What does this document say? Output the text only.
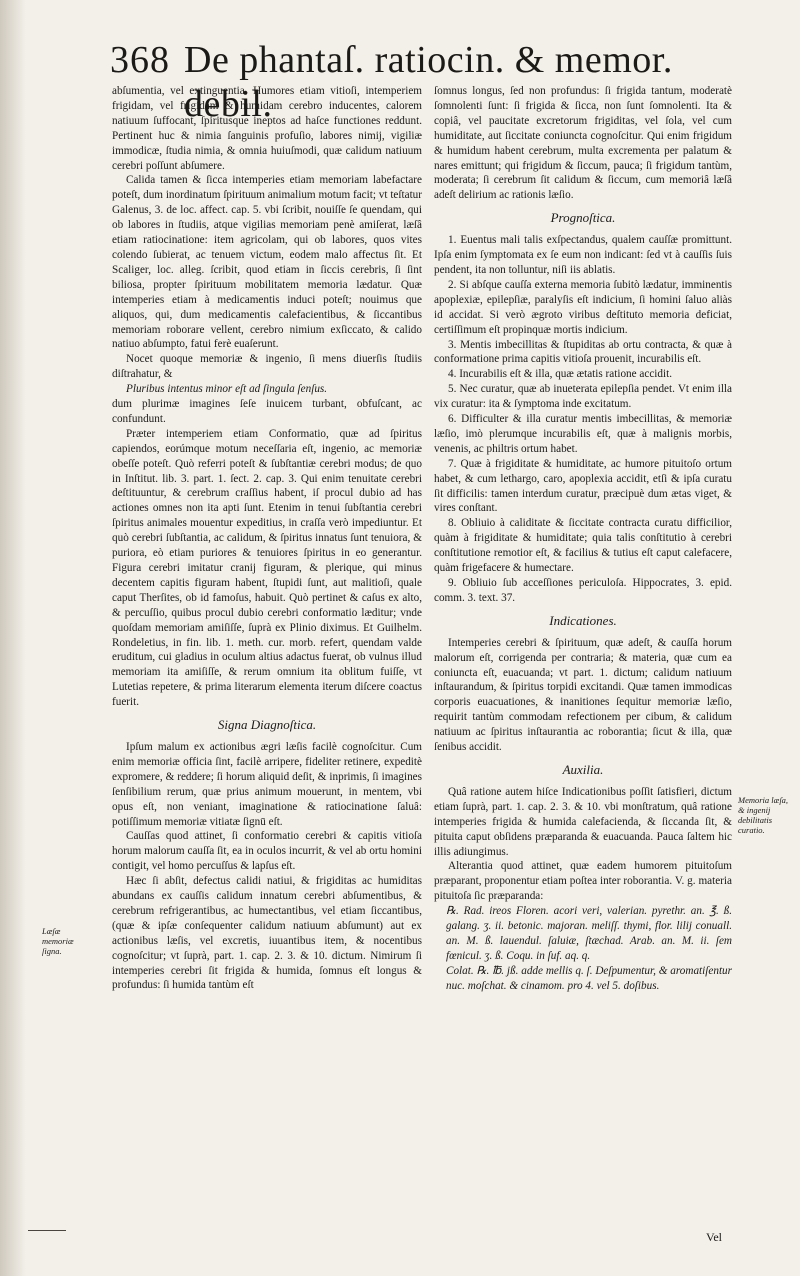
368 De phantaſ. ratiocin. & memor. debil.

abſumentia, vel extinguentia. Humores etiam vitioſi, intemperiem frigidam, vel frigidam & humidam cerebro inducentes, calorem natiuum ſuffocant, ſpiritusque ineptos ad haſce functiones reddunt. Pertinent huc & nimia ſanguinis profuſio, labores nimij, vigiliæ immodicæ, ſtudia nimia, & omnia huiuſmodi, quæ calidum natiuum cerebri poſſunt abſumere.

Calida tamen & ſicca intemperies etiam memoriam labefactare poteſt, dum inordinatum ſpirituum animalium motum facit; vt teſtatur Galenus, 3. de loc. affect. cap. 5. vbi ſcribit, nouiſſe ſe quendam, qui ob labores in ſtudiis, atque vigilias memoriam penè amiſerat, læſâ etiam ratiocinatione: item agricolam, qui ob labores, quos vites colendo ſubierat, ac tenuem victum, eodem malo affectus ſit. Et Scaliger, loc. alleg. ſcribit, quod etiam in ſiccis cerebris, ſi ſint biliosa, propter ſpirituum mobilitatem memoria lædatur. Quæ intemperies etiam à medicamentis induci poteſt; nouimus que aliquos, qui, dum medicamentis calefacientibus, & ſiccantibus memoriam roborare vellent, cerebro nimium exſiccato, & calido natiuo abſumpto, fatui ferè euaſerunt.

Nocet quoque memoriæ & ingenio, ſi mens diuerſis ſtudiis diſtrahatur, &

Pluribus intentus minor eſt ad ſingula ſenſus.

dum plurimæ imagines ſeſe inuicem turbant, obfuſcant, ac confundunt.

Præter intemperiem etiam Conformatio, quæ ad ſpiritus capiendos, eorúmque motum neceſſaria eſt, ingenio, ac memoriæ obeſſe poteſt. Quò referri poteſt & ſubſtantiæ cerebri modus; de quo in Inſtitut. lib. 3. part. 1. ſect. 2. cap. 3. Qui enim tenuitate cerebri deſtituuntur, & cerebrum craſſius habent, iſ procul dubio ad has actiones omnes non ita apti ſunt. Etenim in tenui ſubſtantia cerebri ſpiritus animales mouentur expeditius, in craſſa verò impediuntur. Et quò cerebri ſubſtantia, ac calidum, & ſpiritus innatus ſunt tenuiora, & puriora, eò etiam puriores & tenuiores ſpiritus in eo generantur. Figura cerebri imitatur cranij figuram, & plerique, qui minus decentem capitis figuram habent, ſtupidi ſunt, aut malitioſi, quale caput Therſites, ob id famoſus, habuit. Quò pertinet & caſus ex alto, & percuſſio, quibus procul dubio cerebri conformatio læditur; vnde quoſdam memoriam amiſiſſe, ſuprà ex Plinio diximus. Et Guilhelm. Rondeletius, in fin. lib. 1. meth. cur. morb. refert, quendam valde eruditum, cui gladius in oculum altius adactus fuerat, ob vulnus illud memoriam ita amiſiſſe, & rerum omnium ita oblitum fuiſſe, vt Lutetias repetere, & prima literarum elementa iterum diſcere coactus fuerit.

Signa Diagnoſtica.

Ipſum malum ex actionibus ægri læſis facilè cognoſcitur. Cum enim memoriæ officia ſint, facilè arripere, fideliter retinere, expeditè expromere, & reddere; ſi horum aliquid deſit, & inprimis, ſi imagines ſenſibilium rerum, quæ prius animum mouerunt, in mentem, vbi opus eſt, non veniant, imaginatione & ratiocinatione ſaluâ: potiſſimum memoriæ vitiatæ ſignū eſt.

Cauſſas quod attinet, ſi conformatio cerebri & capitis vitioſa horum malorum cauſſa ſit, ea in oculos incurrit, & vel ab ortu homini contigit, vel homo percuſſus & lapſus eſt.

Hæc ſi abſit, defectus calidi natiui, & frigiditas ac humiditas abundans ex cauſſis calidum innatum cerebri abſumentibus, & cerebrum refrigerantibus, ac humectantibus, vel etiam ſiccantibus, (quæ & ipſæ conſequenter calidum natiuum abſumunt) aut ex actionibus læſis, vel excretis, iuuantibus item, & nocentibus cognoſcitur; vt ſuprà, part. 1. cap. 2. 3. & 10. dictum. Nimirum ſi intemperies cerebri ſit frigida & humida, ſomnus eſt longus & profundus: ſi humida tantùm eſt

ſomnus longus, ſed non profundus: ſi frigida tantum, moderatè ſomnolenti ſunt: ſi frigida & ſicca, non ſunt ſomnolenti. Ita & copiâ, vel paucitate excretorum frigiditas, vel ſola, vel cum humiditate, aut ſiccitate coniuncta cognoſcitur. Qui enim frigidum & humidum habent cerebrum, multa excrementa per palatum & nares emittunt; qui frigidum & ſiccum, pauca; ſi frigidum tantùm, moderata; ſi cerebrum ſit calidum & ſiccum, cum memoriâ læſâ adeſt delirium ac rationis læſio.

Prognoſtica.

1. Euentus mali talis exſpectandus, qualem cauſſæ promittunt. Ipſa enim ſymptomata ex ſe eum non indicant: ſed vt à cauſſis ſuis pendent, ita non tolluntur, niſi iis ablatis.

2. Si abſque cauſſa externa memoria ſubitò lædatur, imminentis apoplexiæ, epilepſiæ, paralyſis eſt indicium, ſi homini ſaluo aliàs id accidat. Si verò ægroto viribus deſtituto memoria deficiat, certiſſimum eſt propinquæ mortis indicium.

3. Mentis imbecillitas & ſtupiditas ab ortu contracta, & quæ à conformatione prima capitis vitioſa prouenit, incurabilis eſt.

4. Incurabilis eſt & illa, quæ ætatis ratione accidit.

5. Nec curatur, quæ ab inueterata epilepſia pendet. Vt enim illa vix curatur: ita & ſymptoma inde excitatum.

6. Difficulter & illa curatur mentis imbecillitas, & memoriæ læſio, imò plerumque incurabilis eſt, quæ à malignis morbis, venenis, ac philtris ortum habet.

7. Quæ à frigiditate & humiditate, ac humore pituitoſo ortum habet, & cum lethargo, caro, apoplexia accidit, etſi & ipſa curatu ſit difficilis: tamen interdum curatur, præcipuè dum ætas viget, & vires conſtant.

8. Obliuio à caliditate & ſiccitate contracta curatu difficilior, quàm à frigiditate & humiditate; quia talis conſtitutio à cerebri conſtitutione remotior eſt, & facilius & tutius eſt caput calefacere, quàm frigefacere & humectare.

9. Obliuio ſub acceſſiones periculoſa. Hippocrates, 3. epid. comm. 3. text. 37.

Indicationes.

Intemperies cerebri & ſpirituum, quæ adeſt, & cauſſa horum malorum eſt, corrigenda per contraria; & materia, quæ cum ea coniuncta eſt, euacuanda; vt part. 1. dictum; calidum natiuum inſtaurandum, & ſpiritus torpidi excitandi. Quæ tamen immodicas corporis euacuationes, & inanitiones ſequitur memoriæ læſio, requirit tantùm commodam refectionem per cibum, & calidum natiuum ac ſpiritus inſtaurantia ac roborantia; ſicut & illa, quæ ſenibus accidit.

Auxilia.

Quâ ratione autem hiſce Indicationibus poſſit ſatisfieri, dictum etiam ſuprà, part. 1. cap. 2. 3. & 10. vbi monſtratum, quâ ratione intemperies frigida & humida calefacienda, & ſiccanda ſit, & pituita caput obſidens præparanda & euacuanda. Pauca ſaltem hic illis adiungimus.

Alterantia quod attinet, quæ eadem humorem pituitoſum præparant, proponentur etiam poſtea inter roborantia. V. g. materia pituitoſa ſic præparanda:

℞. Rad. ireos Floren. acori veri, valerian. pyrethr. an. ℥. ß. galang. ʒ. ii. betonic. majoran. meliſſ. thymi, flor. lilij conuall. an. M. ß. lauendul. ſaluiæ, ſtæchad. Arab. an. M. ii. ſem fœnicul. ʒ. ß. Coqu. in ſuf. aq. q.

Colat. ℞. ℔. jß. adde mellis q. ſ. Deſpumentur, & aromatiſentur nuc. moſchat. & cinamom. pro 4. vel 5. doſibus.

Læſæ memoriæ ſigna.
Memoria læſa, & ingenij debilitatis curatio.
Vel
